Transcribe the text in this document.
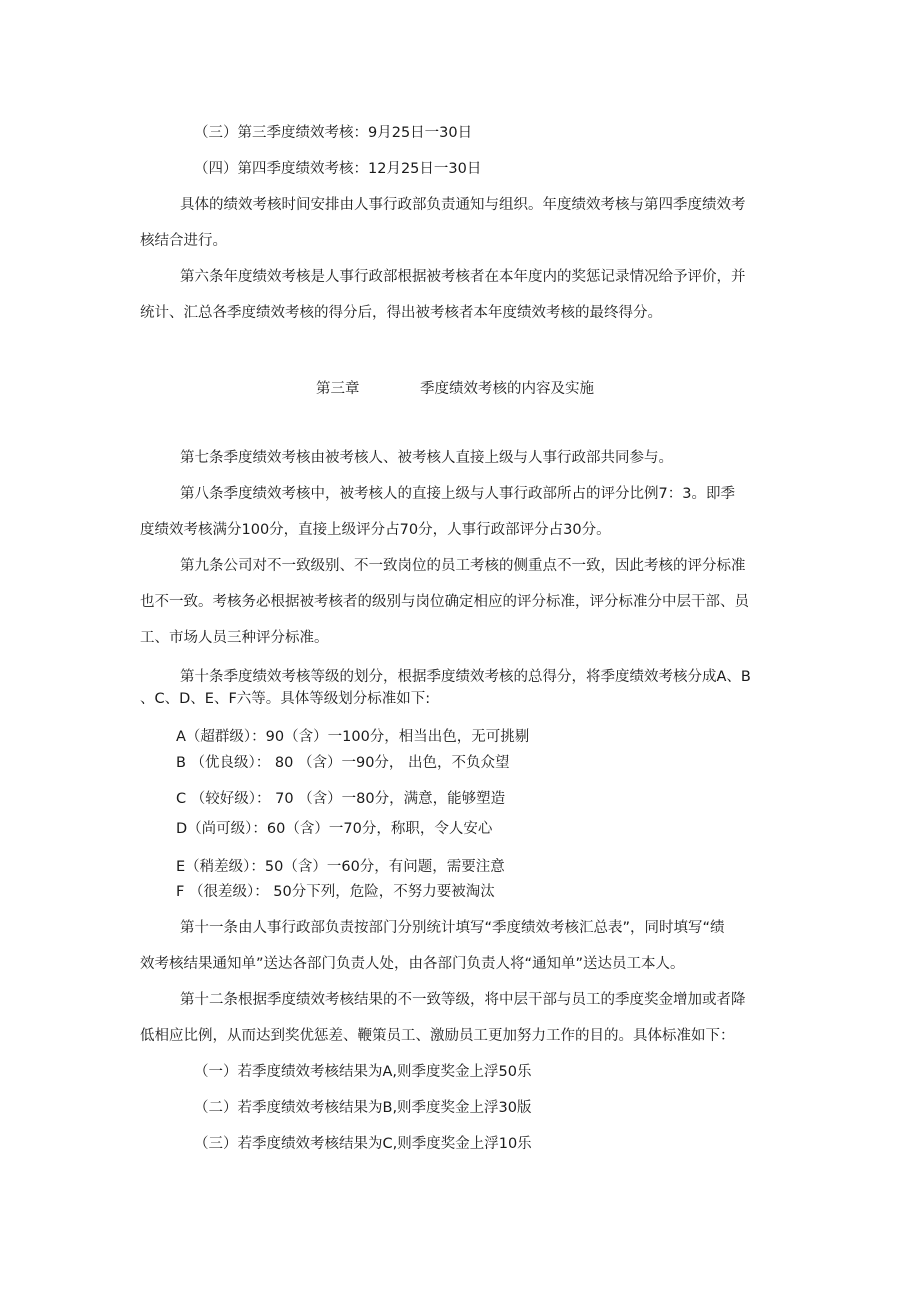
（三）第三季度绩效考核：9月25日一30日
（四）第四季度绩效考核：12月25日一30日
具体的绩效考核时间安排由人事行政部负责通知与组织。年度绩效考核与第四季度绩效考
核结合进行。
第六条年度绩效考核是人事行政部根据被考核者在本年度内的奖惩记录情况给予评价，并
统计、汇总各季度绩效考核的得分后，得出被考核者本年度绩效考核的最终得分。
第三章	季度绩效考核的内容及实施
第七条季度绩效考核由被考核人、被考核人直接上级与人事行政部共同参与。
第八条季度绩效考核中，被考核人的直接上级与人事行政部所占的评分比例7：3。即季
度绩效考核满分100分，直接上级评分占70分，人事行政部评分占30分。
第九条公司对不一致级别、不一致岗位的员工考核的侧重点不一致，因此考核的评分标准
也不一致。考核务必根据被考核者的级别与岗位确定相应的评分标准，评分标准分中层干部、员
工、市场人员三种评分标准。
第十条季度绩效考核等级的划分，根据季度绩效考核的总得分，将季度绩效考核分成A、B
、C、D、E、F六等。具体等级划分标准如下:
A（超群级）：90（含）一100分，相当出色，无可挑剔
B （优良级）： 80 （含）一90分， 出色，不负众望
C （较好级）： 70 （含）一80分，满意，能够塑造
D（尚可级）：60（含）一70分，称职，令人安心
E（稍差级）：50（含）一60分，有问题，需要注意
F （很差级）： 50分下列，危险，不努力要被淘汰
第十一条由人事行政部负责按部门分别统计填写“季度绩效考核汇总表”，同时填写“绩
效考核结果通知单”送达各部门负责人处，由各部门负责人将“通知单”送达员工本人。
第十二条根据季度绩效考核结果的不一致等级，将中层干部与员工的季度奖金增加或者降
低相应比例，从而达到奖优惩差、鞭策员工、激励员工更加努力工作的目的。具体标准如下：
（一）若季度绩效考核结果为A,则季度奖金上浮50乐
（二）若季度绩效考核结果为B,则季度奖金上浮30版
（三）若季度绩效考核结果为C,则季度奖金上浮10乐
